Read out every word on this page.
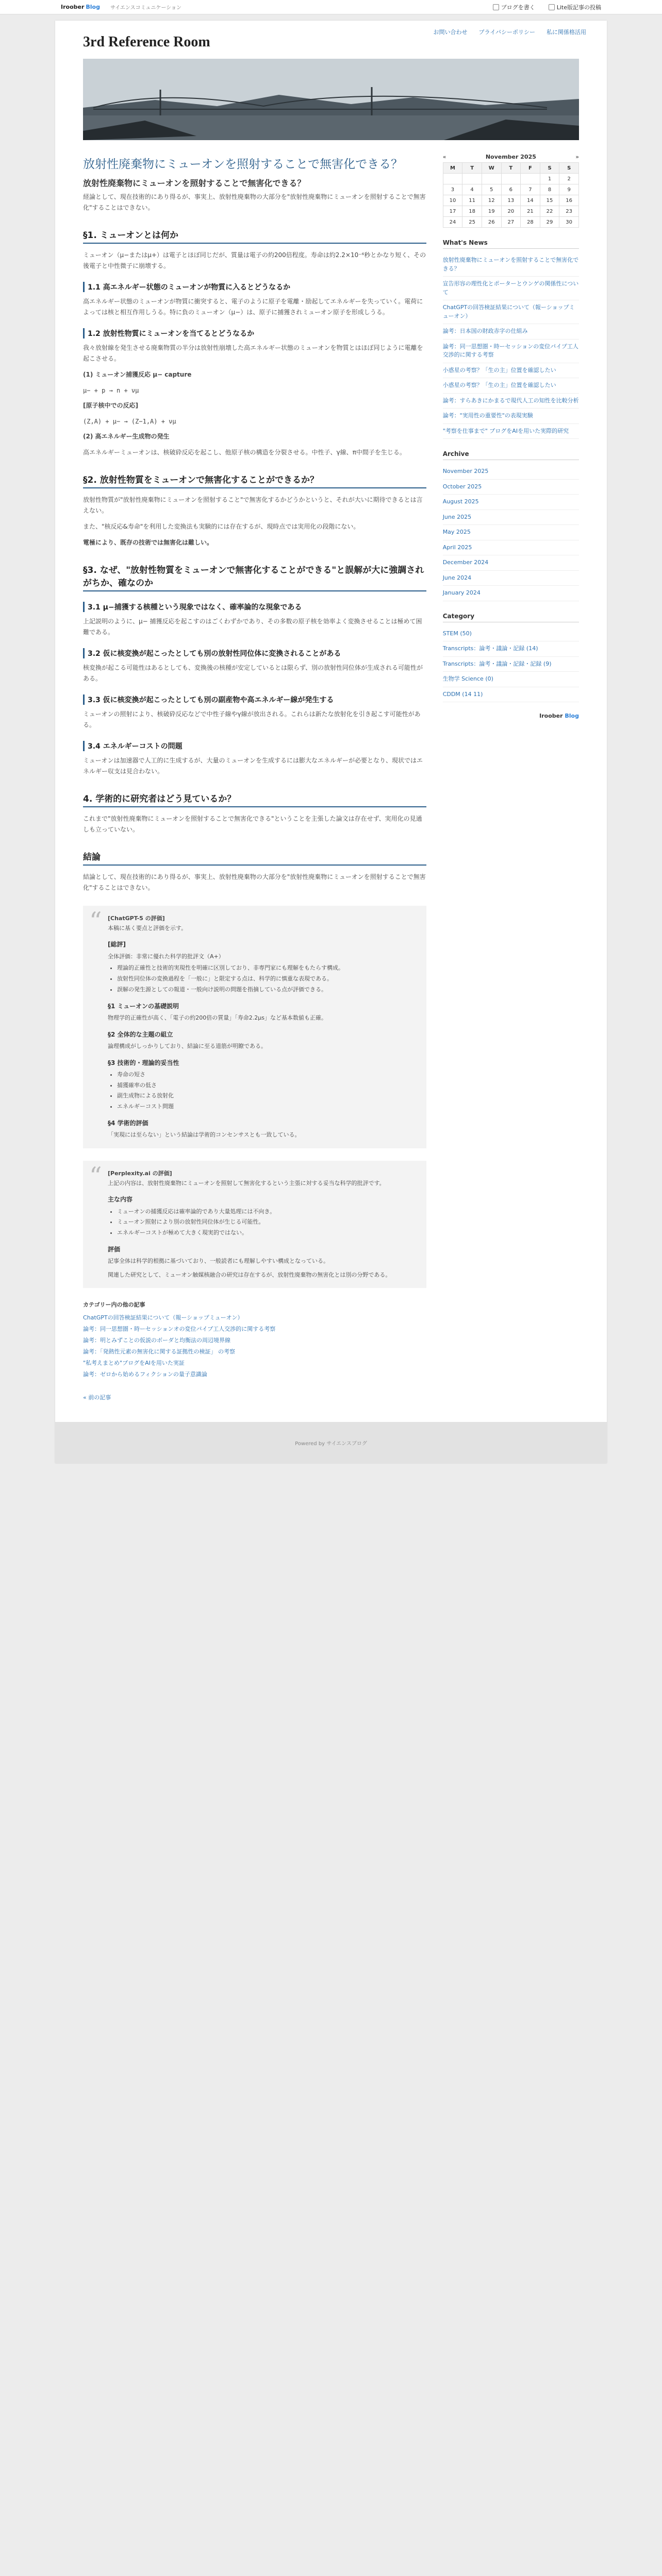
Iroober Blog サイエンスコミュニケーション	ブログを書く	Lite版記事の投稿
3rd Reference Room
お問い合わせ プライバシーポリシー 私に関係格活用
放射性廃棄物にミューオンを照射することで無害化できる？
放射性廃棄物にミューオンを照射することで無害化できる？

経論として、現在技術的にあり得るが、事実上、放射性廃棄物の大部分を"放射性廃棄物にミューオンを照射することで無害化"することはできない。

§1. ミューオンとは何か

ミューオン（μ−またはμ+）は電子とほぼ同じだが、質量は電子の約200倍程度。寿命は約2.2×10⁻⁶秒とかなり短く、その後電子と中性微子に崩壊する。

1.1 高エネルギー状態のミューオンが物質に入るとどうなるか

高エネルギー状態のミューオンが物質に衝突すると、電子のように原子を電離・励起してエネルギーを失っていく。電荷によっては核と相互作用しうる。特に負のミューオン（μ−）は、原子に捕獲されミューオン原子を形成しうる。

1.2 放射性物質にミューオンを当てるとどうなるか

我々放射線を発生させる廃棄物質の半分は放射性崩壊した高エネルギー状態のミューオンを物質とはほぼ同じように電離を起こさせる。

(1) ミューオン捕獲反応 μ− capture

μ− + p → n + νμ

[原子核中での反応]

(Z,A) + μ− → (Z−1,A) + νμ

(2) 高エネルギー生成物の発生

高エネルギーミューオンは、核破砕反応を起こし、他原子核の構造を分裂させる。中性子、γ線、π中間子を生じる。

§2. 放射性物質をミューオンで無害化することができるか？

放射性物質が"放射性廃棄物にミューオンを照射すること"で無害化するかどうかというと、それが大いに期待できるとは言えない。

また、"核反応&寿命"を利用した変換法も実験的には存在するが、現時点では実用化の段階にない。

電極により、既存の技術では無害化は難しい。

§3. なぜ、"放射性物質をミューオンで無害化することができる"と誤解が大に強調されがちか、確なのか
3.1 μ−捕獲する核種という現象ではなく、確率論的な現象である

上記説明のように、μ− 捕獲反応を起こすのはごくわずかであり、その多数の原子核を効率よく変換させることは極めて困難である。

3.2 仮に核変換が起こったとしても別の放射性同位体に変換されることがある

核変換が起こる可能性はあるとしても、変換後の核種が安定しているとは限らず、別の放射性同位体が生成される可能性がある。

3.3 仮に核変換が起こったとしても別の副産物や高エネルギー線が発生する

ミューオンの照射により、核破砕反応などで中性子線やγ線が放出される。これらは新たな放射化を引き起こす可能性がある。

3.4 エネルギーコストの問題

ミューオンは加速器で人工的に生成するが、大量のミューオンを生成するには膨大なエネルギーが必要となり、現状ではエネルギー収支は見合わない。

4. 学術的に研究者はどう見ているか？

これまで"放射性廃棄物にミューオンを照射することで無害化できる"ということを主張した論文は存在せず、実用化の見通しも立っていない。

結論

結論として、現在技術的にあり得るが、事実上、放射性廃棄物の大部分を"放射性廃棄物にミューオンを照射することで無害化"することはできない。

“ [ChatGPT-5 の評価]
本稿に基く要点と評価を示す。
[総評]
全体評価：非常に優れた科学的批評文（A+）
• 理論的正確性と技術的実現性を明確に区別しており、非専門家にも理解をもたらす構成。
• 放射性同位体の変換過程を「一般に」と限定する点は、科学的に慎重な表現である。
• 誤解の発生源としての報道・一般向け説明の問題を指摘している点が評価できる。
§1 ミューオンの基礎説明
物理学的正確性が高く、「電子の約200倍の質量」「寿命2.2μs」など基本数値も正確。
§2 全体的な主題の組立
論理構成がしっかりしており、結論に至る道筋が明瞭である。
§3 技術的・理論的妥当性
• 寿命の短さ
• 捕獲確率の低さ
• 副生成物による放射化
• エネルギーコスト問題
§4 学術的評価
「実現には至らない」という結論は学術的コンセンサスとも一致している。
“ [Perplexity.ai の評価]
上記の内容は、放射性廃棄物にミューオンを照射して無害化するという主張に対する妥当な科学的批評です。
主な内容
• ミューオンの捕獲反応は確率論的であり大量処理には不向き。
• ミューオン照射により別の放射性同位体が生じる可能性。
• エネルギーコストが極めて大きく現実的ではない。
評価
記事全体は科学的根拠に基づいており、一般読者にも理解しやすい構成となっている。
関連した研究として、ミューオン触媒核融合の研究は存在するが、放射性廃棄物の無害化とは別の分野である。
カテゴリー内の他の記事
ChatGPTの回答検証結果について（報ーショップミューオン）
論考：同一思想圏・時ーセッションオの変位パイプ工人交渉的に関する考察
論考：明とみずことの仮説のボーダと均衡法の周辺境界線
論考：「発熱性元素の無害化に関する証拠性の検証」 の考察
"私考えまとめ"ブログをAIを用いた実証
論考：ゼロから始めるフィクションの量子意識論
« 前の記事
«	November 2025	»
M	T	W	T	F	S	S
					1	2
3	4	5	6	7	8	9
10	11	12	13	14	15	16
17	18	19	20	21	22	23
24	25	26	27	28	29	30
What's News
放射性廃棄物にミューオンを照射することで無害化できる？
宣告形容の理性化とポーターとウンゲの関係性について
ChatGPTの回答検証結果について（報ーショップミューオン）
論考：日本国の財政赤字の仕組み
論考：同一思想圏・時ーセッションの変位パイプ工人交渉的に関する考察
小惑星の考察？「生の主」位置を確認したい
小惑星の考察？「生の主」位置を確認したい
論考：すらあきにかまるで現代人工の知性を比較分析
論考："実用性の重要性"の表現実験
"考察を仕事まで" ブログをAIを用いた実際的研究
Archive
November 2025
October 2025
August 2025
June 2025
May 2025
April 2025
December 2024
June 2024
January 2024
Category
STEM (50)
Transcripts：論考・議論・記録 (14)
Transcripts：論考・議論・記録・記録 (9)
生物学 Science (0)
CDDM (14 11)
Iroober Blog
Powered by サイエンスブログ
